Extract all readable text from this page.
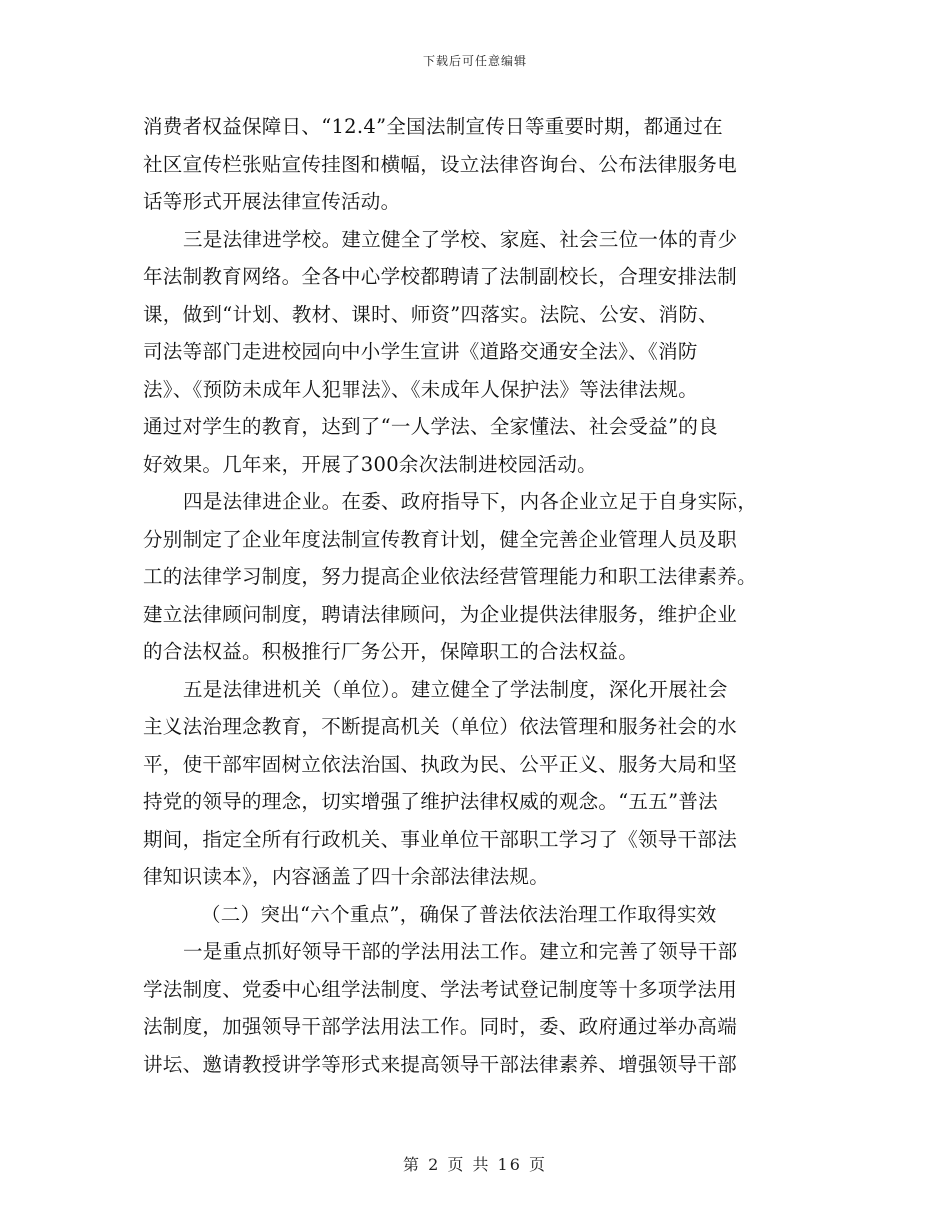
下载后可任意编辑
消费者权益保障日、“12.4”全国法制宣传日等重要时期，都通过在
社区宣传栏张贴宣传挂图和横幅，设立法律咨询台、公布法律服务电
话等形式开展法律宣传活动。
三是法律进学校。建立健全了学校、家庭、社会三位一体的青少
年法制教育网络。全各中心学校都聘请了法制副校长，合理安排法制
课，做到“计划、教材、课时、师资”四落实。法院、公安、消防、
司法等部门走进校园向中小学生宣讲《道路交通安全法》、《消防
法》、《预防未成年人犯罪法》、《未成年人保护法》等法律法规。
通过对学生的教育，达到了“一人学法、全家懂法、社会受益”的良
好效果。几年来，开展了300余次法制进校园活动。
四是法律进企业。在委、政府指导下，内各企业立足于自身实际，
分别制定了企业年度法制宣传教育计划，健全完善企业管理人员及职
工的法律学习制度，努力提高企业依法经营管理能力和职工法律素养。
建立法律顾问制度，聘请法律顾问，为企业提供法律服务，维护企业
的合法权益。积极推行厂务公开，保障职工的合法权益。
五是法律进机关（单位）。建立健全了学法制度，深化开展社会
主义法治理念教育，不断提高机关（单位）依法管理和服务社会的水
平，使干部牢固树立依法治国、执政为民、公平正义、服务大局和坚
持党的领导的理念，切实增强了维护法律权威的观念。“五五”普法
期间，指定全所有行政机关、事业单位干部职工学习了《领导干部法
律知识读本》，内容涵盖了四十余部法律法规。
（二）突出“六个重点”，确保了普法依法治理工作取得实效
一是重点抓好领导干部的学法用法工作。建立和完善了领导干部
学法制度、党委中心组学法制度、学法考试登记制度等十多项学法用
法制度，加强领导干部学法用法工作。同时，委、政府通过举办高端
讲坛、邀请教授讲学等形式来提高领导干部法律素养、增强领导干部
第 2 页 共 16 页
